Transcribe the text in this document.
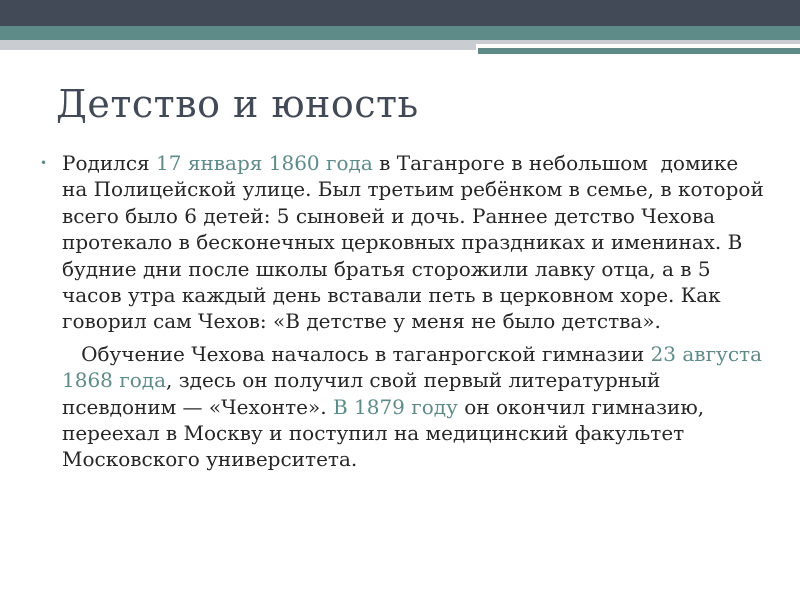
Детство и юность

• Родился 17 января 1860 года в Таганроге в небольшом  домике на Полицейской улице. Был третьим ребёнком в семье, в которой всего было 6 детей: 5 сыновей и дочь. Раннее детство Чехова протекало в бесконечных церковных праздниках и именинах. В будние дни после школы братья сторожили лавку отца, а в 5 часов утра каждый день вставали петь в церковном хоре. Как говорил сам Чехов: «В детстве у меня не было детства».

Обучение Чехова началось в таганрогской гимназии 23 августа 1868 года, здесь он получил свой первый литературный псевдоним — «Чехонте». В 1879 году он окончил гимназию, переехал в Москву и поступил на медицинский факультет Московского университета.
